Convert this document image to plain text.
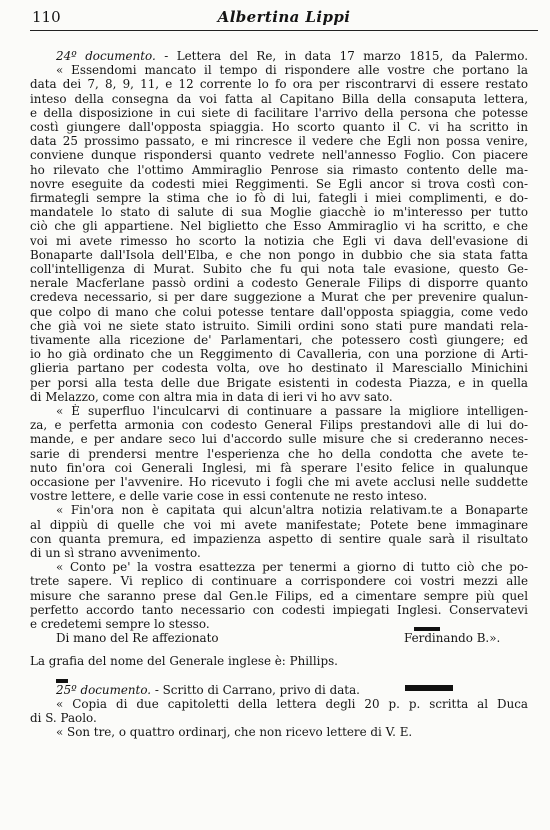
110	Albertina Lippi
24º documento. - Lettera del Re, in data 17 marzo 1815, da Palermo.
« Essendomi mancato il tempo di rispondere alle vostre che portano la
data dei 7, 8, 9, 11, e 12 corrente lo fo ora per riscontrarvi di essere restato
inteso della consegna da voi fatta al Capitano Billa della consaputa lettera,
e della disposizione in cui siete di facilitare l'arrivo della persona che potesse
costì giungere dall'opposta spiaggia. Ho scorto quanto il C. vi ha scritto in
data 25 prossimo passato, e mi rincresce il vedere che Egli non possa venire,
conviene dunque rispondersi quanto vedrete nell'annesso Foglio. Con piacere
ho rilevato che l'ottimo Ammiraglio Penrose sia rimasto contento delle ma-
novre eseguite da codesti miei Reggimenti. Se Egli ancor si trova costì con-
firmategli sempre la stima che io fò di lui, fategli i miei complimenti, e do-
mandatele lo stato di salute di sua Moglie giacchè io m'interesso per tutto
ciò che gli appartiene. Nel biglietto che Esso Ammiraglio vi ha scritto, e che
voi mi avete rimesso ho scorto la notizia che Egli vi dava dell'evasione di
Bonaparte dall'Isola dell'Elba, e che non pongo in dubbio che sia stata fatta
coll'intelligenza di Murat. Subito che fu qui nota tale evasione, questo Ge-
nerale Macferlane passò ordini a codesto Generale Filips di disporre quanto
credeva necessario, si per dare suggezione a Murat che per prevenire qualun-
que colpo di mano che colui potesse tentare dall'opposta spiaggia, come vedo
che già voi ne siete stato istruito. Simili ordini sono stati pure mandati rela-
tivamente alla ricezione de' Parlamentari, che potessero costì giungere; ed
io ho già ordinato che un Reggimento di Cavalleria, con una porzione di Arti-
glieria partano per codesta volta, ove ho destinato il Maresciallo Minichini
per porsi alla testa delle due Brigate esistenti in codesta Piazza, e in quella
di Melazzo, come con altra mia in data di ieri vi ho avv sato.
« È superfluo l'inculcarvi di continuare a passare la migliore intelligen-
za, e perfetta armonia con codesto General Filips prestandovi alle di lui do-
mande, e per andare seco lui d'accordo sulle misure che si crederanno neces-
sarie di prendersi mentre l'esperienza che ho della condotta che avete te-
nuto fin'ora coi Generali Inglesi, mi fà sperare l'esito felice in qualunque
occasione per l'avvenire. Ho ricevuto i fogli che mi avete acclusi nelle suddette
vostre lettere, e delle varie cose in essi contenute ne resto inteso.
« Fin'ora non è capitata qui alcun'altra notizia relativam.te a Bonaparte
al dippiù di quelle che voi mi avete manifestate; Potete bene immaginare
con quanta premura, ed impazienza aspetto di sentire quale sarà il risultato
di un sì strano avvenimento.
« Conto pe' la vostra esattezza per tenermi a giorno di tutto ciò che po-
trete sapere. Vi replico di continuare a corrispondere coi vostri mezzi alle
misure che saranno prese dal Gen.le Filips, ed a cimentare sempre più quel
perfetto accordo tanto necessario con codesti impiegati Inglesi. Conservatevi
e credetemi sempre lo stesso.
Di mano del Re affezionato	Ferdinando B.».
La grafia del nome del Generale inglese è: Phillips.
25º documento. - Scritto di Carrano, privo di data.
« Copia di due capitoletti della lettera degli 20 p. p. scritta al Duca
di S. Paolo.
« Son tre, o quattro ordinarj, che non ricevo lettere di V. E.
